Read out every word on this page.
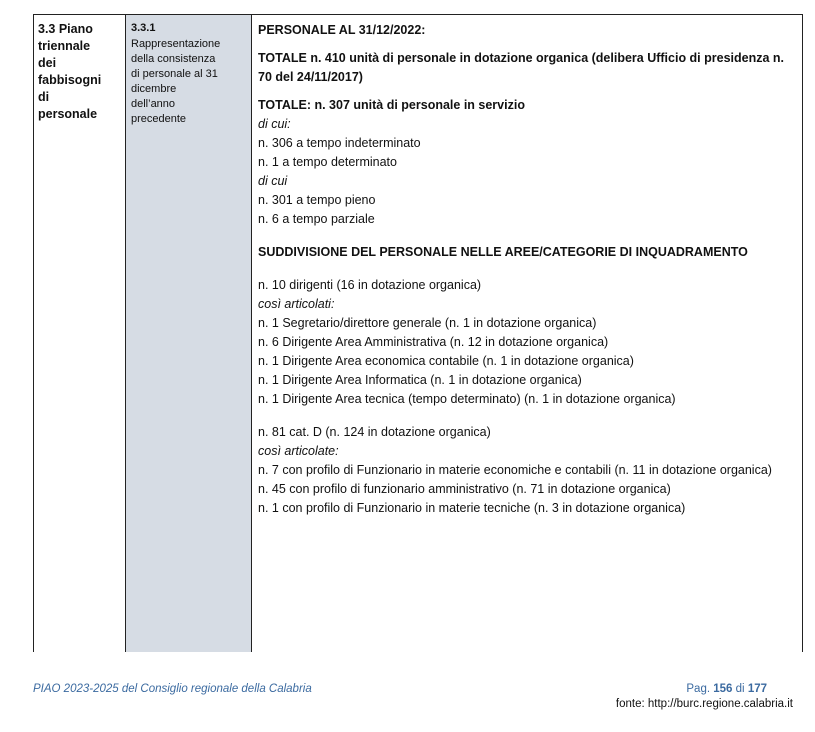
3.3 Piano
triennale
dei
fabbisogni
di
personale
3.3.1
Rappresentazione
della consistenza
di personale al 31
dicembre
dell’anno
precedente
PERSONALE AL 31/12/2022:
TOTALE n. 410 unità di personale in dotazione organica (delibera Ufficio di presidenza n. 70 del 24/11/2017)
TOTALE: n. 307 unità di personale in servizio
di cui:
n. 306 a tempo indeterminato
n. 1 a tempo determinato
di cui
n. 301 a tempo pieno
n. 6 a tempo parziale
SUDDIVISIONE DEL PERSONALE NELLE AREE/CATEGORIE DI INQUADRAMENTO
n. 10 dirigenti (16 in dotazione organica)
così articolati:
n. 1 Segretario/direttore generale (n. 1 in dotazione organica)
n. 6 Dirigente Area Amministrativa (n. 12 in dotazione organica)
n. 1 Dirigente Area economica contabile (n. 1 in dotazione organica)
n. 1 Dirigente Area Informatica (n. 1 in dotazione organica)
n. 1 Dirigente Area tecnica (tempo determinato) (n. 1 in dotazione organica)
n. 81 cat. D (n. 124 in dotazione organica)
così articolate:
n. 7 con profilo di Funzionario in materie economiche e contabili (n. 11 in dotazione organica)
n. 45 con profilo di funzionario amministrativo (n. 71 in dotazione organica)
n. 1 con profilo di Funzionario in materie tecniche (n. 3 in dotazione organica)
PIAO 2023-2025 del Consiglio regionale della Calabria	Pag. 156 di 177
fonte: http://burc.regione.calabria.it
